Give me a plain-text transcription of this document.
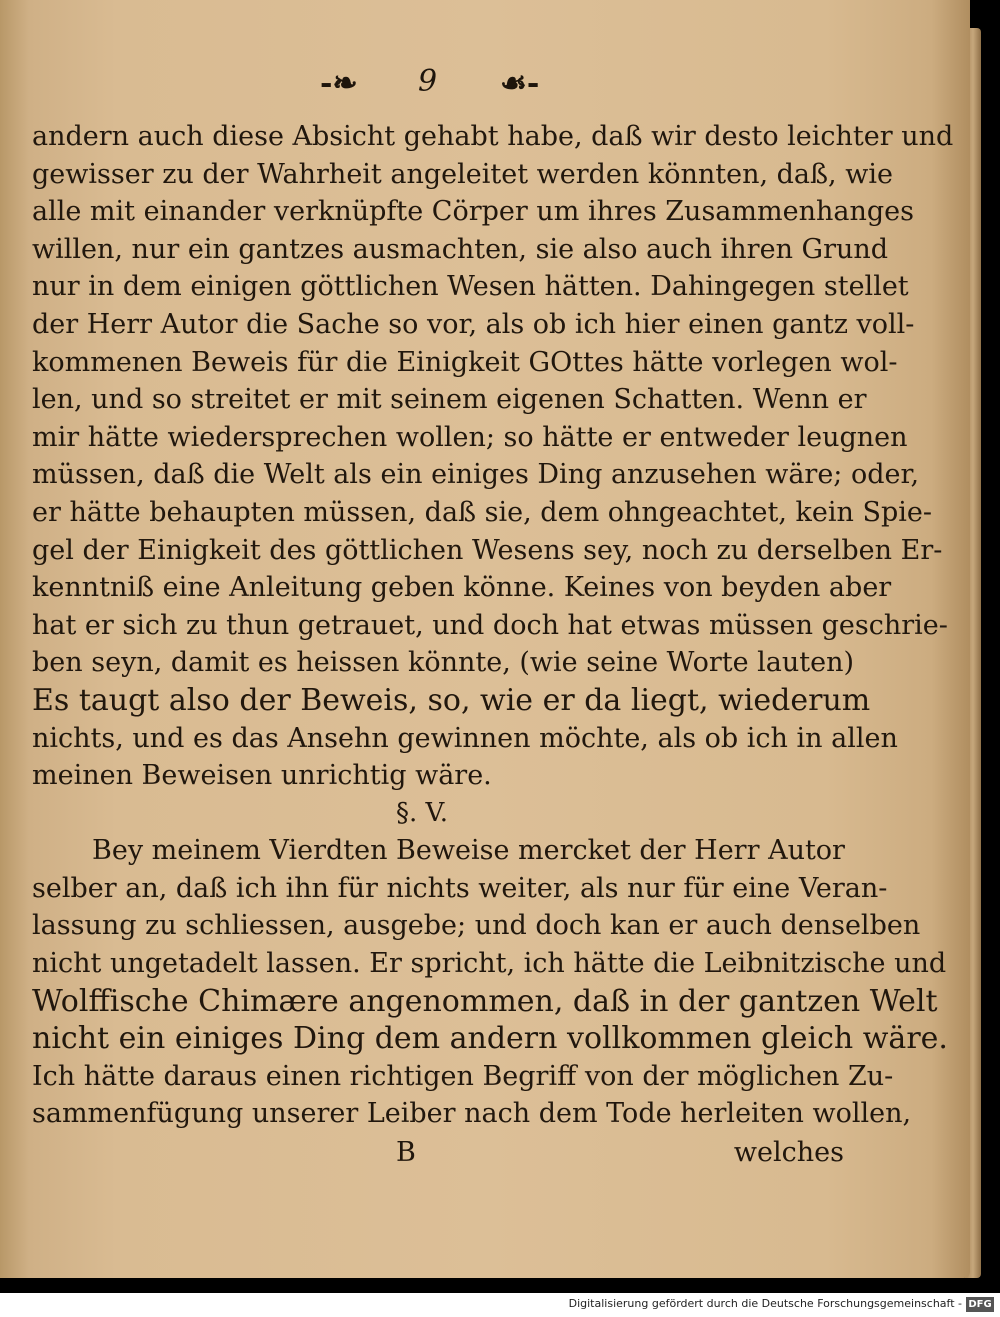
-❧ 9 ☙-
andern auch diese Absicht gehabt habe, daß wir desto leichter und
gewisser zu der Wahrheit angeleitet werden könnten, daß, wie
alle mit einander verknüpfte Cörper um ihres Zusammenhanges
willen, nur ein gantzes ausmachten, sie also auch ihren Grund
nur in dem einigen göttlichen Wesen hätten. Dahingegen stellet
der Herr Autor die Sache so vor, als ob ich hier einen gantz voll-
kommenen Beweis für die Einigkeit GOttes hätte vorlegen wol-
len, und so streitet er mit seinem eigenen Schatten. Wenn er
mir hätte wiedersprechen wollen; so hätte er entweder leugnen
müssen, daß die Welt als ein einiges Ding anzusehen wäre; oder,
er hätte behaupten müssen, daß sie, dem ohngeachtet, kein Spie-
gel der Einigkeit des göttlichen Wesens sey, noch zu derselben Er-
kenntniß eine Anleitung geben könne. Keines von beyden aber
hat er sich zu thun getrauet, und doch hat etwas müssen geschrie-
ben seyn, damit es heissen könnte, (wie seine Worte lauten)
Es taugt also der Beweis, so, wie er da liegt, wiederum
nichts, und es das Ansehn gewinnen möchte, als ob ich in allen
meinen Beweisen unrichtig wäre.
§. V.
Bey meinem Vierdten Beweise mercket der Herr Autor
selber an, daß ich ihn für nichts weiter, als nur für eine Veran-
lassung zu schliessen, ausgebe; und doch kan er auch denselben
nicht ungetadelt lassen. Er spricht, ich hätte die Leibnitzische und
Wolffische Chimære angenommen, daß in der gantzen Welt
nicht ein einiges Ding dem andern vollkommen gleich wäre.
Ich hätte daraus einen richtigen Begriff von der möglichen Zu-
sammenfügung unserer Leiber nach dem Tode herleiten wollen,
B	welches
Digitalisierung gefördert durch die Deutsche Forschungsgemeinschaft - DFG
